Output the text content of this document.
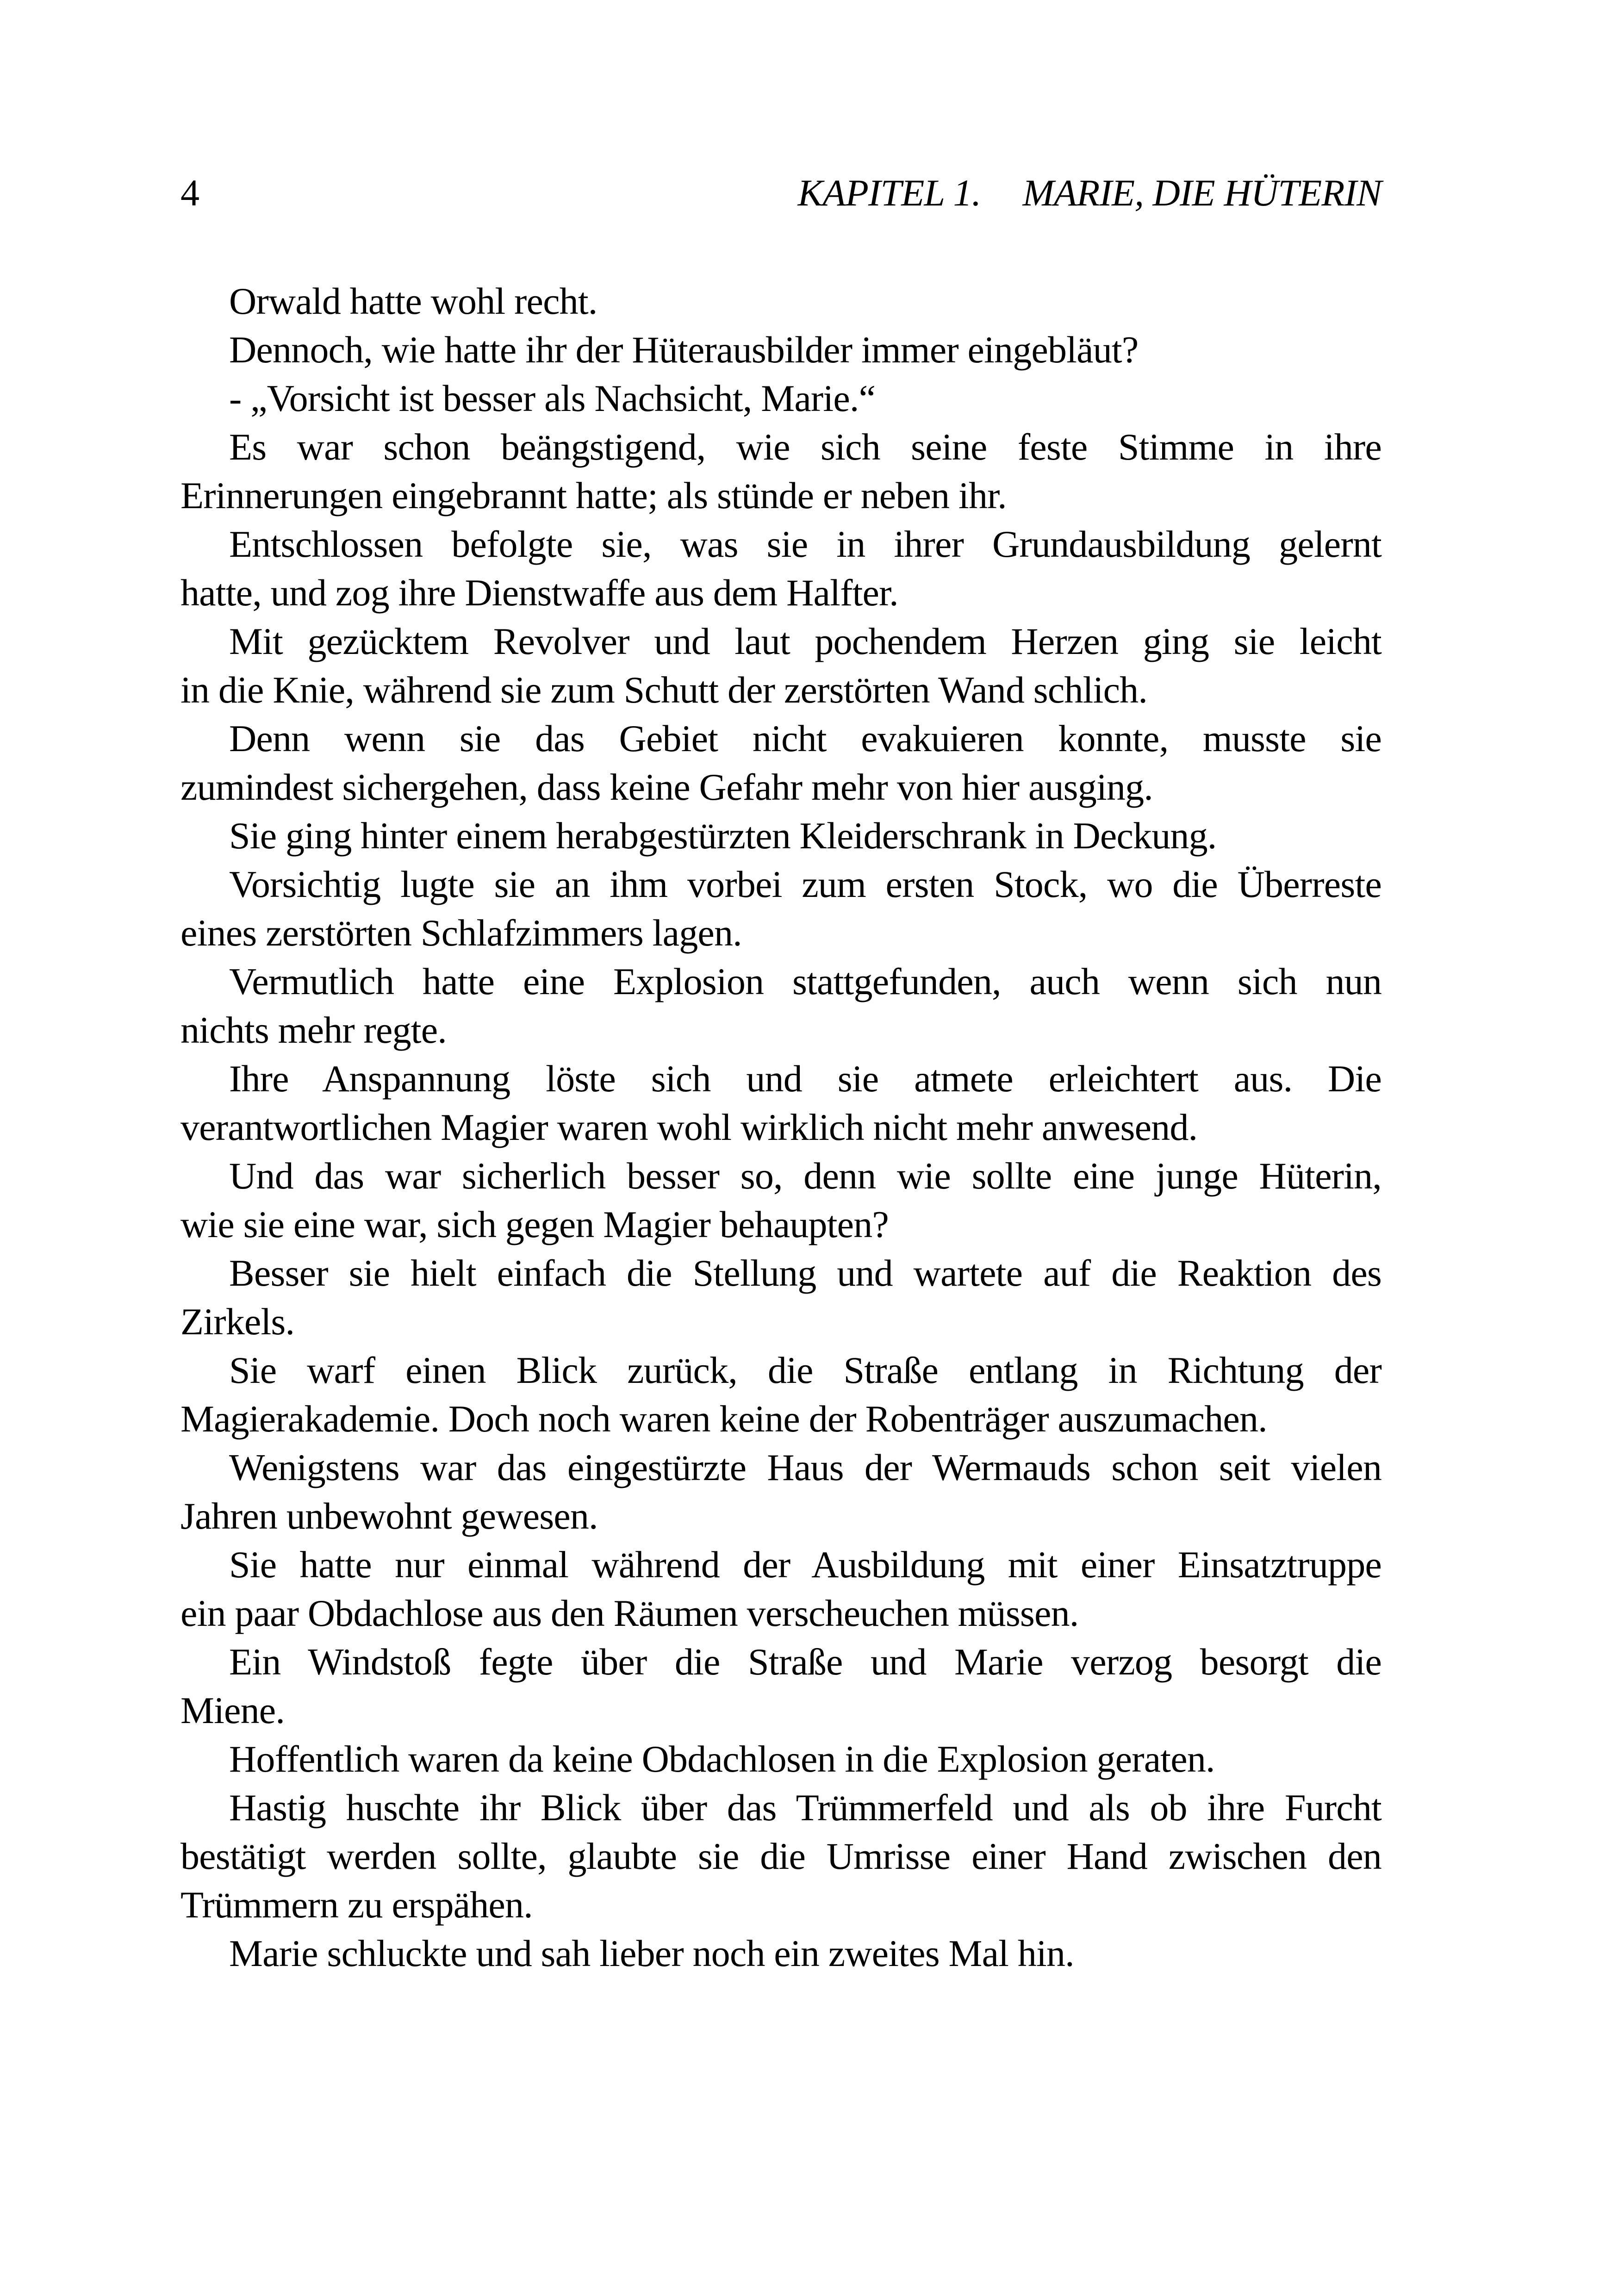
4	KAPITEL 1. MARIE, DIE HÜTERIN
Orwald hatte wohl recht.
Dennoch, wie hatte ihr der Hüterausbilder immer eingebläut?
- „Vorsicht ist besser als Nachsicht, Marie.“
Es war schon beängstigend, wie sich seine feste Stimme in ihre
Erinnerungen eingebrannt hatte; als stünde er neben ihr.
Entschlossen befolgte sie, was sie in ihrer Grundausbildung gelernt
hatte, und zog ihre Dienstwaffe aus dem Halfter.
Mit gezücktem Revolver und laut pochendem Herzen ging sie leicht
in die Knie, während sie zum Schutt der zerstörten Wand schlich.
Denn wenn sie das Gebiet nicht evakuieren konnte, musste sie
zumindest sichergehen, dass keine Gefahr mehr von hier ausging.
Sie ging hinter einem herabgestürzten Kleiderschrank in Deckung.
Vorsichtig lugte sie an ihm vorbei zum ersten Stock, wo die Überreste
eines zerstörten Schlafzimmers lagen.
Vermutlich hatte eine Explosion stattgefunden, auch wenn sich nun
nichts mehr regte.
Ihre Anspannung löste sich und sie atmete erleichtert aus. Die
verantwortlichen Magier waren wohl wirklich nicht mehr anwesend.
Und das war sicherlich besser so, denn wie sollte eine junge Hüterin,
wie sie eine war, sich gegen Magier behaupten?
Besser sie hielt einfach die Stellung und wartete auf die Reaktion des
Zirkels.
Sie warf einen Blick zurück, die Straße entlang in Richtung der
Magierakademie. Doch noch waren keine der Robenträger auszumachen.
Wenigstens war das eingestürzte Haus der Wermauds schon seit vielen
Jahren unbewohnt gewesen.
Sie hatte nur einmal während der Ausbildung mit einer Einsatztruppe
ein paar Obdachlose aus den Räumen verscheuchen müssen.
Ein Windstoß fegte über die Straße und Marie verzog besorgt die
Miene.
Hoffentlich waren da keine Obdachlosen in die Explosion geraten.
Hastig huschte ihr Blick über das Trümmerfeld und als ob ihre Furcht
bestätigt werden sollte, glaubte sie die Umrisse einer Hand zwischen den
Trümmern zu erspähen.
Marie schluckte und sah lieber noch ein zweites Mal hin.
